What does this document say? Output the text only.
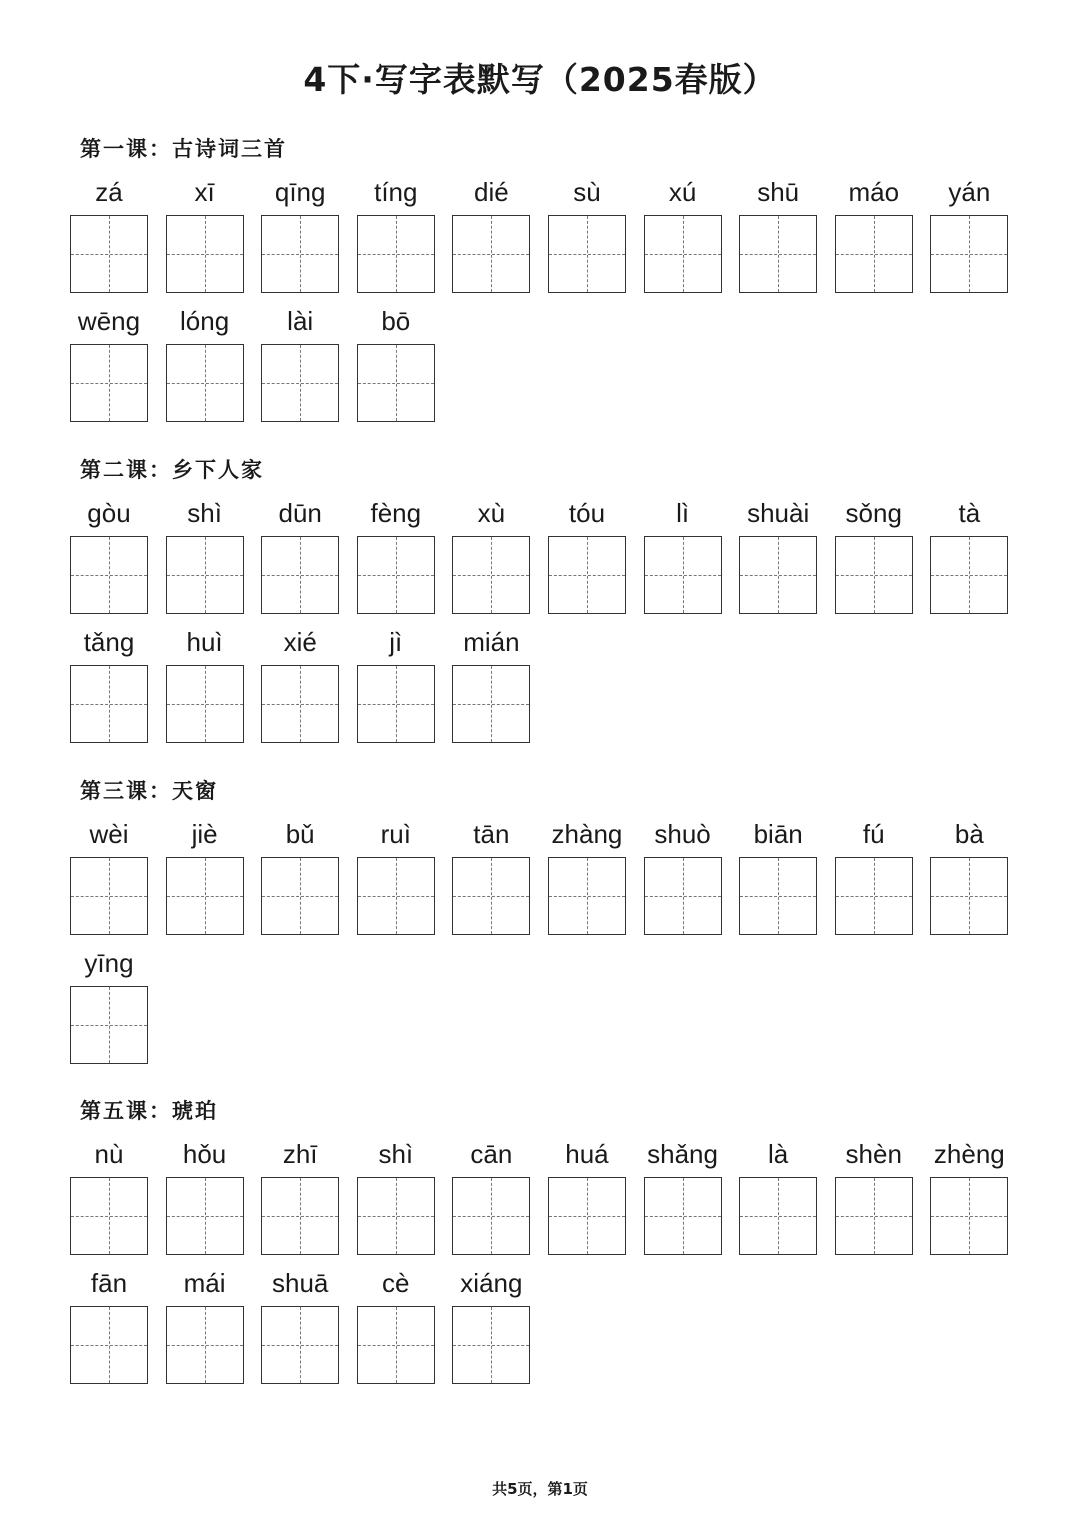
4下·写字表默写（2025春版）
第一课：古诗词三首
zá	xī	qīng	tíng	dié	sù	xú	shū	máo	yán
wēng	lóng	lài	bō
第二课：乡下人家
gòu	shì	dūn	fèng	xù	tóu	lì	shuài	sǒng	tà
tǎng	huì	xié	jì	mián
第三课：天窗
wèi	jiè	bǔ	ruì	tān	zhàng	shuò	biān	fú	bà
yīng
第五课：琥珀
nù	hǒu	zhī	shì	cān	huá	shǎng	là	shèn	zhèng
fān	mái	shuā	cè	xiáng
共5页，第1页
